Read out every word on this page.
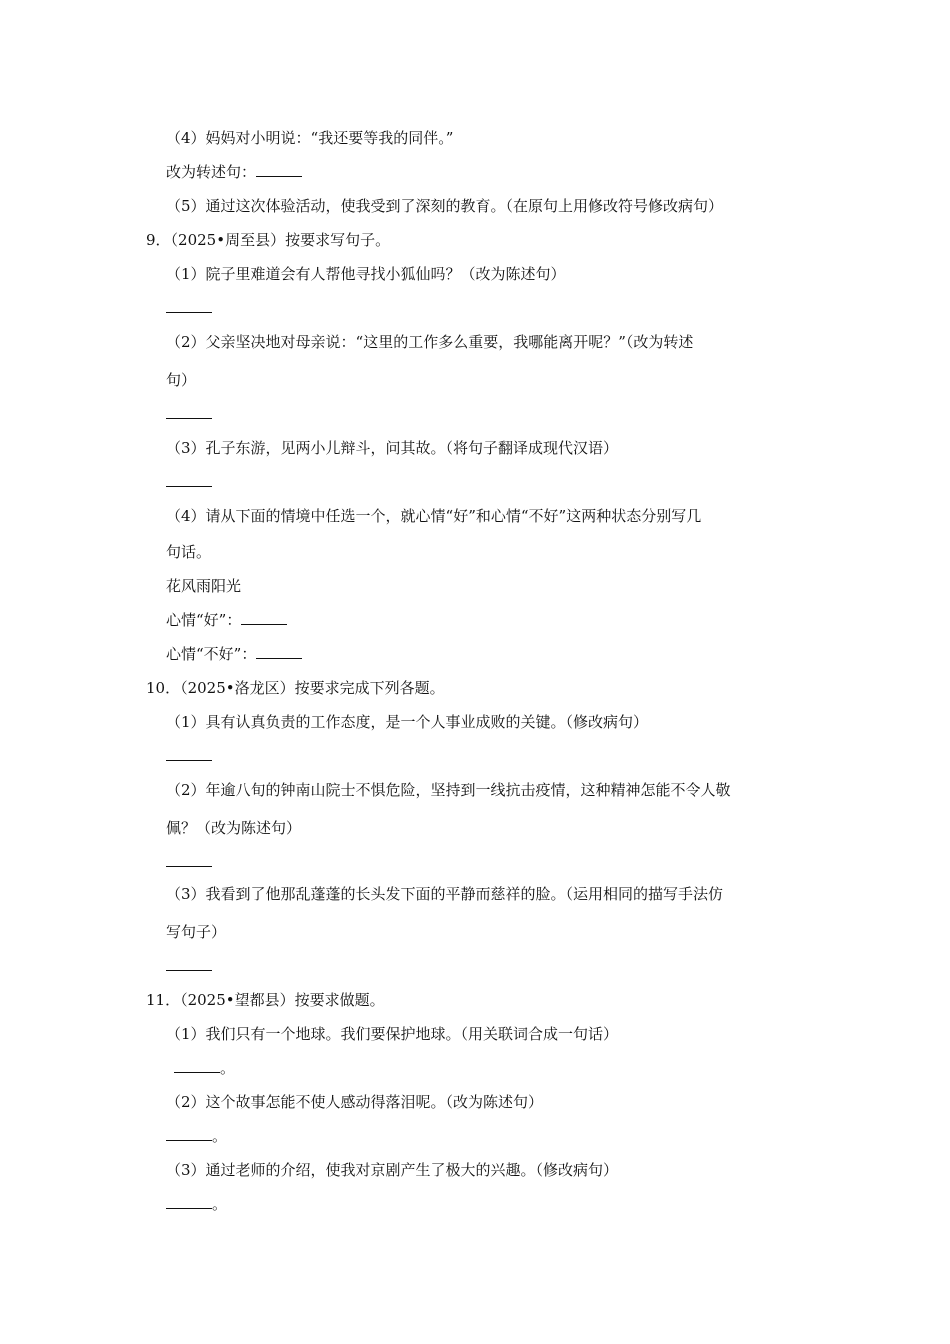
（4）妈妈对小明说：“我还要等我的同伴。”
改为转述句：
（5）通过这次体验活动，使我受到了深刻的教育。（在原句上用修改符号修改病句）
9．（2025•周至县）按要求写句子。
（1）院子里难道会有人帮他寻找小狐仙吗？（改为陈述句）
（2）父亲坚决地对母亲说：“这里的工作多么重要，我哪能离开呢？”（改为转述
句）
（3）孔子东游，见两小儿辩斗，问其故。（将句子翻译成现代汉语）
（4）请从下面的情境中任选一个，就心情“好”和心情“不好”这两种状态分别写几
句话。
花风雨阳光
心情“好”：
心情“不好”：
10．（2025•洛龙区）按要求完成下列各题。
（1）具有认真负责的工作态度，是一个人事业成败的关键。（修改病句）
（2）年逾八旬的钟南山院士不惧危险，坚持到一线抗击疫情，这种精神怎能不令人敬
佩？（改为陈述句）
（3）我看到了他那乱蓬蓬的长头发下面的平静而慈祥的脸。（运用相同的描写手法仿
写句子）
11．（2025•望都县）按要求做题。
（1）我们只有一个地球。我们要保护地球。（用关联词合成一句话）
。
（2）这个故事怎能不使人感动得落泪呢。（改为陈述句）
。
（3）通过老师的介绍，使我对京剧产生了极大的兴趣。（修改病句）
。
